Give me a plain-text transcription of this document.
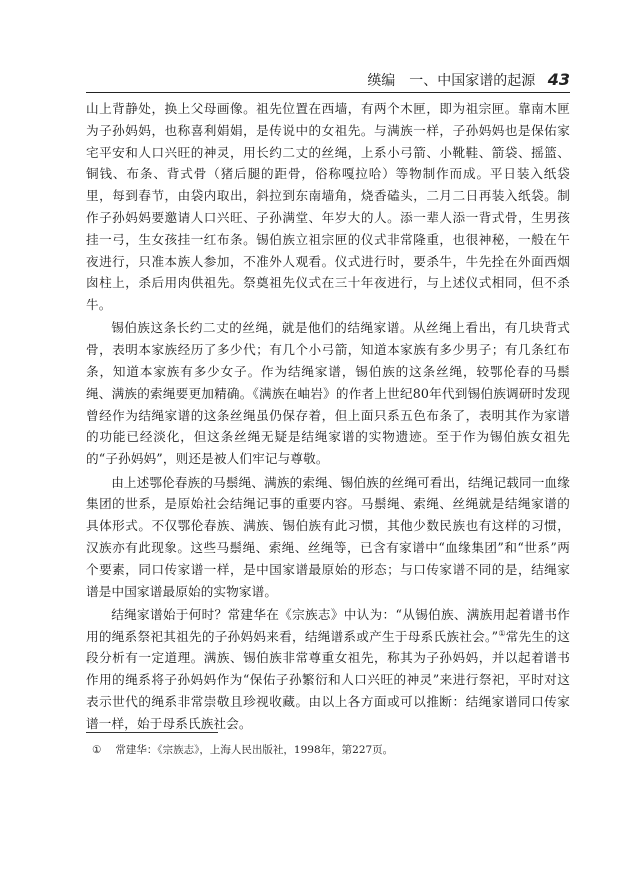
绬编　一、中国家谱的起源 43

山上背静处，换上父母画像。祖先位置在西墙，有两个木匣，即为祖宗匣。靠南木匣为子孙妈妈，也称喜利娟娟，是传说中的女祖先。与满族一样，子孙妈妈也是保佑家宅平安和人口兴旺的神灵，用长约二丈的丝绳，上系小弓箭、小靴鞋、箭袋、摇篮、铜钱、布条、背式骨（猪后腿的距骨，俗称嘎拉哈）等物制作而成。平日装入纸袋里，每到春节，由袋内取出，斜拉到东南墙角，烧香磕头，二月二日再装入纸袋。制作子孙妈妈要邀请人口兴旺、子孙满堂、年岁大的人。添一辈人添一背式骨，生男孩挂一弓，生女孩挂一红布条。锡伯族立祖宗匣的仪式非常隆重，也很神秘，一般在午夜进行，只准本族人参加，不准外人观看。仪式进行时，要杀牛，牛先拴在外面西烟囱柱上，杀后用肉供祖先。祭奠祖先仪式在三十年夜进行，与上述仪式相同，但不杀牛。

锡伯族这条长约二丈的丝绳，就是他们的结绳家谱。从丝绳上看出，有几块背式骨，表明本家族经历了多少代；有几个小弓箭，知道本家族有多少男子；有几条红布条，知道本家族有多少女子。作为结绳家谱，锡伯族的这条丝绳，较鄂伦春的马鬃绳、满族的索绳要更加精确。《满族在岫岩》的作者上世纪80年代到锡伯族调研时发现曾经作为结绳家谱的这条丝绳虽仍保存着，但上面只系五色布条了，表明其作为家谱的功能已经淡化，但这条丝绳无疑是结绳家谱的实物遗迹。至于作为锡伯族女祖先的“子孙妈妈”，则还是被人们牢记与尊敬。

由上述鄂伦春族的马鬃绳、满族的索绳、锡伯族的丝绳可看出，结绳记载同一血缘集团的世系，是原始社会结绳记事的重要内容。马鬃绳、索绳、丝绳就是结绳家谱的具体形式。不仅鄂伦春族、满族、锡伯族有此习惯，其他少数民族也有这样的习惯，汉族亦有此现象。这些马鬃绳、索绳、丝绳等，已含有家谱中“血缘集团”和“世系”两个要素，同口传家谱一样，是中国家谱最原始的形态；与口传家谱不同的是，结绳家谱是中国家谱最原始的实物家谱。

结绳家谱始于何时？常建华在《宗族志》中认为：“从锡伯族、满族用起着谱书作用的绳系祭祀其祖先的子孙妈妈来看，结绳谱系或产生于母系氏族社会。”①常先生的这段分析有一定道理。满族、锡伯族非常尊重女祖先，称其为子孙妈妈，并以起着谱书作用的绳系将子孙妈妈作为“保佑子孙繁衍和人口兴旺的神灵”来进行祭祀，平时对这表示世代的绳系非常崇敬且珍视收藏。由以上各方面或可以推断：结绳家谱同口传家谱一样，始于母系氏族社会。

① 常建华：《宗族志》，上海人民出版社，1998年，第227页。
